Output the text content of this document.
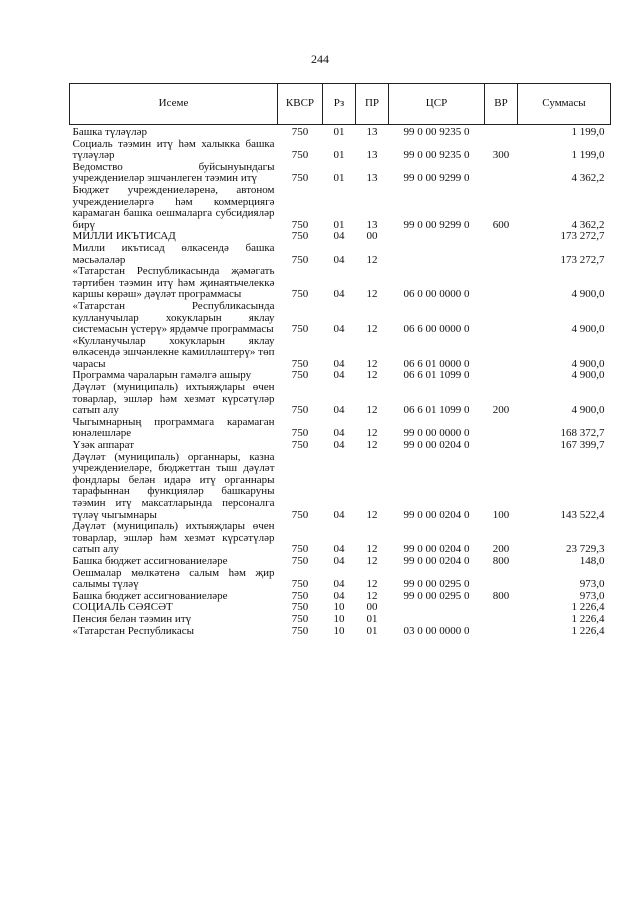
244
Исеме	КВСР	Рз	ПР	ЦСР	ВР	Суммасы
Башка түләүләр	750	01	13	99 0 00 9235 0		1 199,0
Социаль тәэмин итү һәм халыкка башка түләүләр	750	01	13	99 0 00 9235 0	300	1 199,0
Ведомство буйсынуындагы учреждениеләр эшчәнлеген тәэмин итү	750	01	13	99 0 00 9299 0		4 362,2
Бюджет учреждениеләренә, автоном учреждениеләргә һәм коммерциягә карамаган башка оешмаларга субсидияләр бирү	750	01	13	99 0 00 9299 0	600	4 362,2
МИЛЛИ ИКЪТИСАД	750	04	00			173 272,7
Милли икътисад өлкәсендә башка мәсьәләләр	750	04	12			173 272,7
«Татарстан Республикасында җәмәгать тәртибен тәэмин итү һәм җинаятьчелеккә каршы көрәш» дәүләт программасы	750	04	12	06 0 00 0000 0		4 900,0
«Татарстан Республикасында кулланучылар хокукларын яклау системасын үстерү» ярдәмче программасы	750	04	12	06 6 00 0000 0		4 900,0
«Кулланучылар хокукларын яклау өлкәсендә эшчәнлекне камилләштерү» төп чарасы	750	04	12	06 6 01 0000 0		4 900,0
Программа чараларын гамәлгә ашыру	750	04	12	06 6 01 1099 0		4 900,0
Дәүләт (муниципаль) ихтыяҗлары өчен товарлар, эшләр һәм хезмәт күрсәтүләр сатып алу	750	04	12	06 6 01 1099 0	200	4 900,0
Чыгымнарның программага карамаган юнәлешләре	750	04	12	99 0 00 0000 0		168 372,7
Үзәк аппарат	750	04	12	99 0 00 0204 0		167 399,7
Дәүләт (муниципаль) органнары, казна учреждениеләре, бюджеттан тыш дәүләт фондлары белән идарә итү органнары тарафыннан функцияләр башкаруны тәэмин итү максатларында персоналга түләү чыгымнары	750	04	12	99 0 00 0204 0	100	143 522,4
Дәүләт (муниципаль) ихтыяҗлары өчен товарлар, эшләр һәм хезмәт күрсәтүләр сатып алу	750	04	12	99 0 00 0204 0	200	23 729,3
Башка бюджет ассигнованиеләре	750	04	12	99 0 00 0204 0	800	148,0
Оешмалар мөлкәтенә салым һәм җир салымы түләү	750	04	12	99 0 00 0295 0		973,0
Башка бюджет ассигнованиеләре	750	04	12	99 0 00 0295 0	800	973,0
СОЦИАЛЬ СӘЯСӘТ	750	10	00			1 226,4
Пенсия белән тәэмин итү	750	10	01			1 226,4
«Татарстан Республикасы	750	10	01	03 0 00 0000 0		1 226,4
